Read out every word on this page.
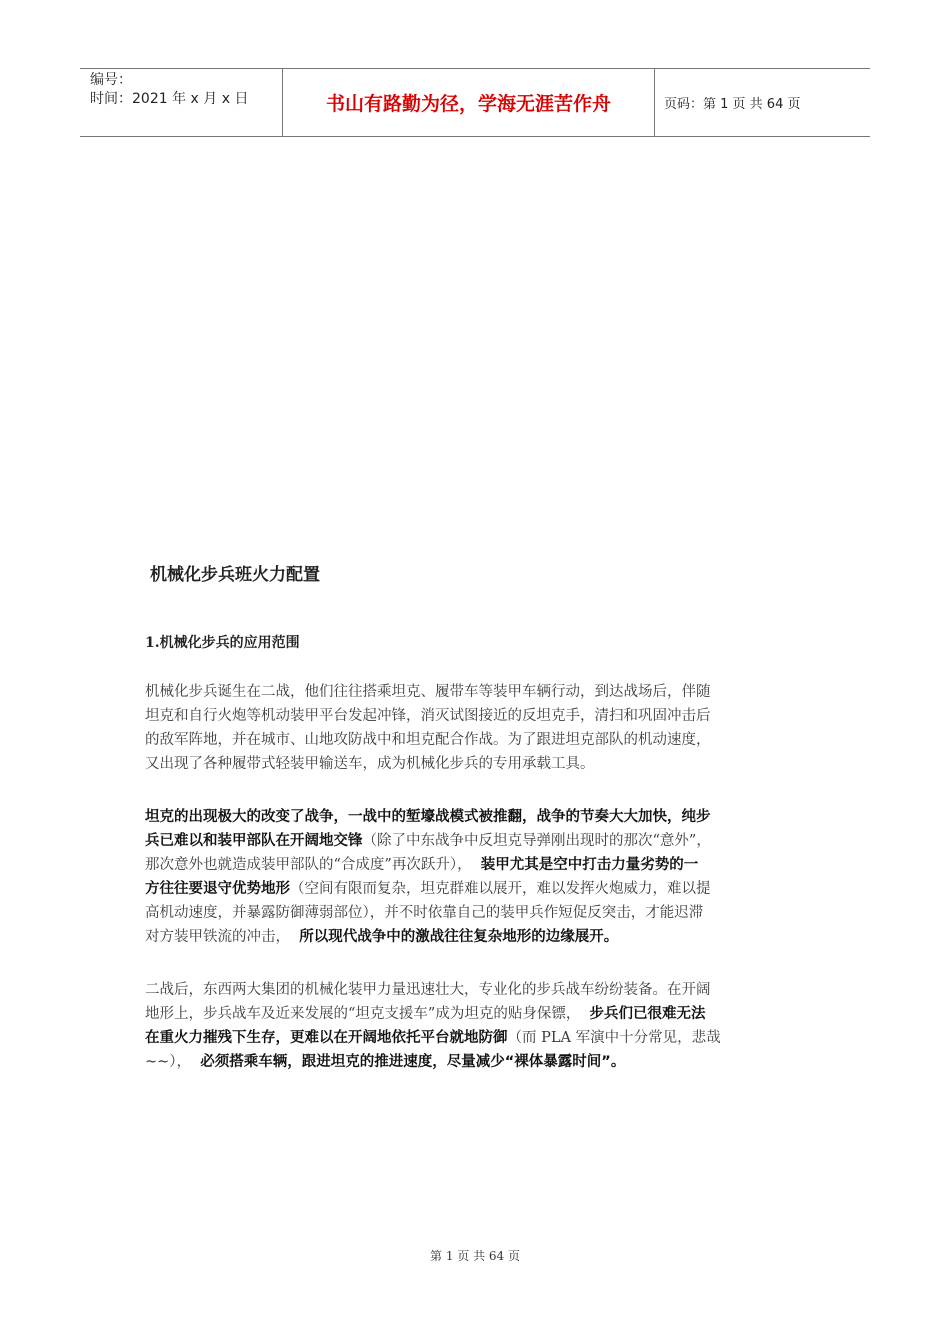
编号：
时间：2021 年 x 月 x 日	书山有路勤为径，学海无涯苦作舟	页码：第 1 页 共 64 页
机械化步兵班火力配置
1.机械化步兵的应用范围
机械化步兵诞生在二战，他们往往搭乘坦克、履带车等装甲车辆行动，到达战场后，伴随
坦克和自行火炮等机动装甲平台发起冲锋，消灭试图接近的反坦克手，清扫和巩固冲击后
的敌军阵地，并在城市、山地攻防战中和坦克配合作战。为了跟进坦克部队的机动速度，
又出现了各种履带式轻装甲输送车，成为机械化步兵的专用承载工具。
坦克的出现极大的改变了战争，一战中的堑壕战模式被推翻，战争的节奏大大加快，纯步
兵已难以和装甲部队在开阔地交锋（除了中东战争中反坦克导弹刚出现时的那次“意外”，
那次意外也就造成装甲部队的“合成度”再次跃升）， 装甲尤其是空中打击力量劣势的一
方往往要退守优势地形（空间有限而复杂，坦克群难以展开，难以发挥火炮威力，难以提
高机动速度，并暴露防御薄弱部位），并不时依靠自己的装甲兵作短促反突击，才能迟滞
对方装甲铁流的冲击， 所以现代战争中的激战往往复杂地形的边缘展开。
二战后，东西两大集团的机械化装甲力量迅速壮大，专业化的步兵战车纷纷装备。在开阔
地形上，步兵战车及近来发展的“坦克支援车”成为坦克的贴身保镖， 步兵们已很难无法
在重火力摧残下生存，更难以在开阔地依托平台就地防御（而 PLA 军演中十分常见，悲哉
~~）， 必须搭乘车辆，跟进坦克的推进速度，尽量减少“裸体暴露时间”。
第 1 页 共 64 页
